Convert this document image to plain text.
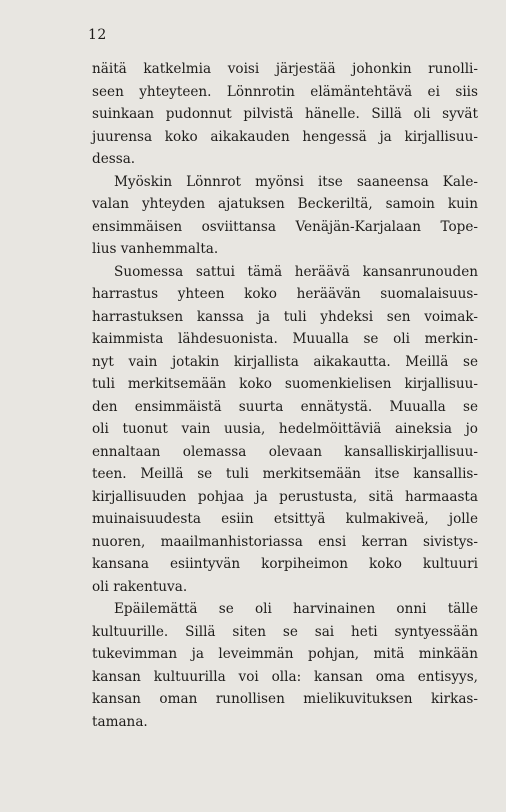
12
näitä katkelmia voisi järjestää johonkin runolli-
seen yhteyteen. Lönnrotin elämäntehtävä ei siis
suinkaan pudonnut pilvistä hänelle. Sillä oli syvät
juurensa koko aikakauden hengessä ja kirjallisuu-
dessa.
Myöskin Lönnrot myönsi itse saaneensa Kale-
valan yhteyden ajatuksen Beckeriltä, samoin kuin
ensimmäisen osviittansa Venäjän-Karjalaan Tope-
lius vanhemmalta.
Suomessa sattui tämä heräävä kansanrunouden
harrastus yhteen koko heräävän suomalaisuus-
harrastuksen kanssa ja tuli yhdeksi sen voimak-
kaimmista lähdesuonista. Muualla se oli merkin-
nyt vain jotakin kirjallista aikakautta. Meillä se
tuli merkitsemään koko suomenkielisen kirjallisuu-
den ensimmäistä suurta ennätystä. Muualla se
oli tuonut vain uusia, hedelmöittäviä aineksia jo
ennaltaan olemassa olevaan kansalliskirjallisuu-
teen. Meillä se tuli merkitsemään itse kansallis-
kirjallisuuden pohjaa ja perustusta, sitä harmaasta
muinaisuudesta esiin etsittyä kulmakiveä, jolle
nuoren, maailmanhistoriassa ensi kerran sivistys-
kansana esiintyvän korpiheimon koko kultuuri
oli rakentuva.
Epäilemättä se oli harvinainen onni tälle
kultuurille. Sillä siten se sai heti syntyessään
tukevimman ja leveimmän pohjan, mitä minkään
kansan kultuurilla voi olla: kansan oma entisyys,
kansan oman runollisen mielikuvituksen kirkas-
tamana.
